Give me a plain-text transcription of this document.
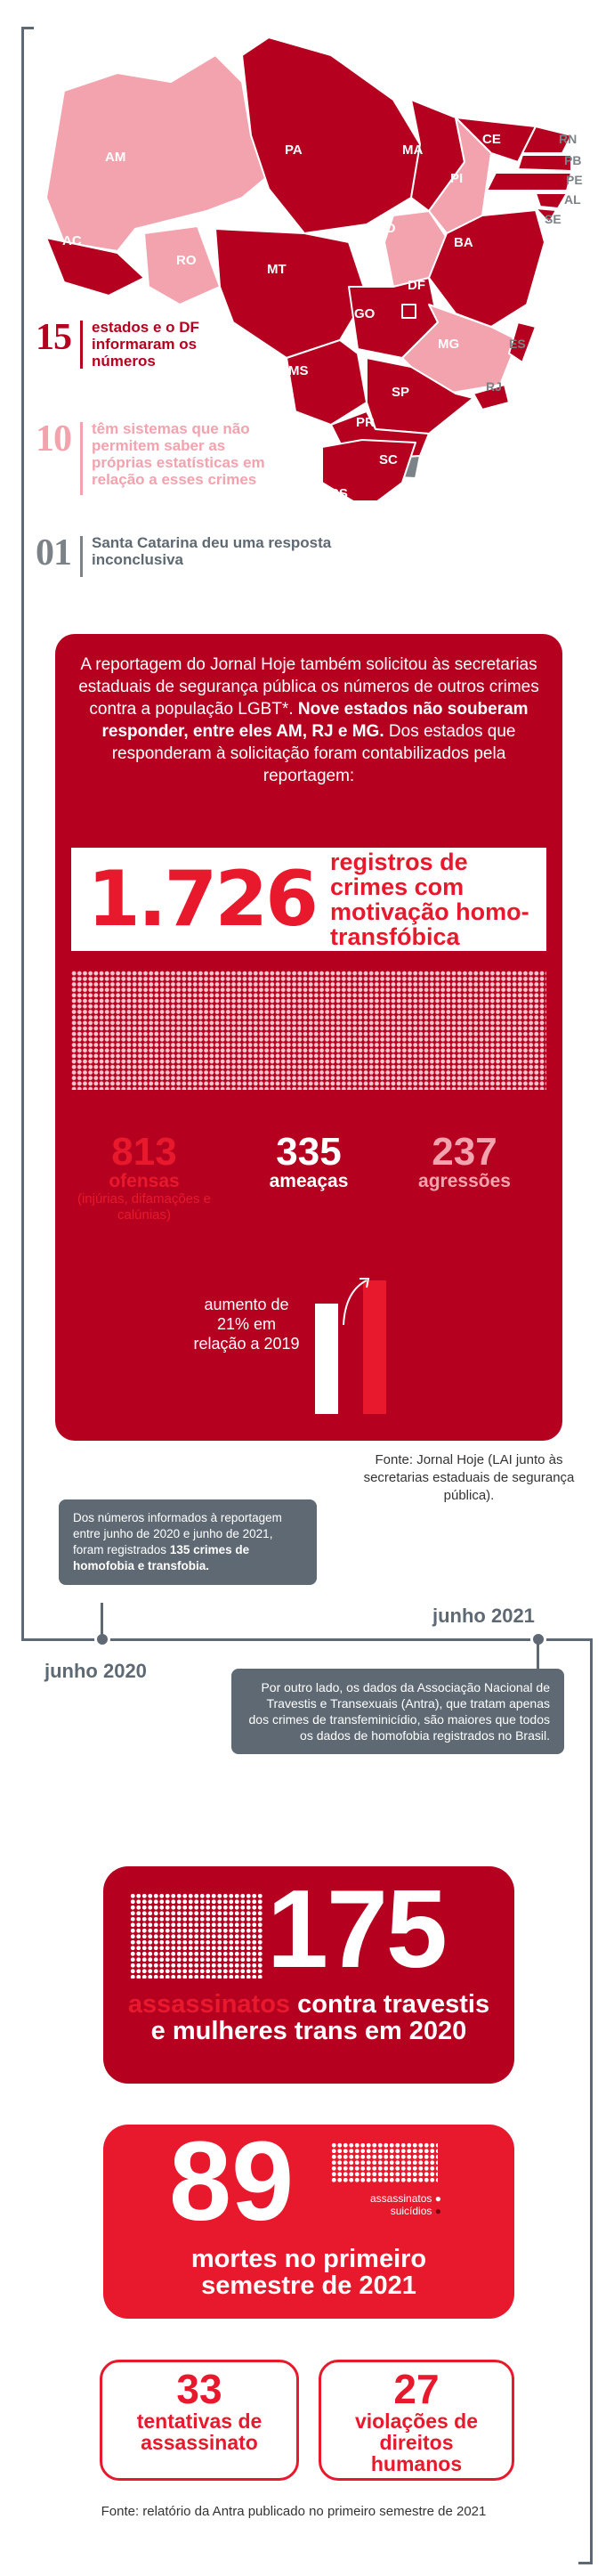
AM	PA	MA
CE	RN
PB
PE
AL
SE
PI
AC
RO
TO
BA
MT
GO
DF
MG	ES
MS
SP	RJ
PR
SC
RS
15 estados e o DF informaram os números
10 têm sistemas que não permitem saber as próprias estatísticas em relação a esses crimes
01 Santa Catarina deu uma resposta inconclusiva

A reportagem do Jornal Hoje também solicitou às secretarias estaduais de segurança pública os números de outros crimes contra a população LGBT*. Nove estados não souberam responder, entre eles AM, RJ e MG. Dos estados que responderam à solicitação foram contabilizados pela reportagem:

1.726 registros de crimes com motivação homo-transfóbica
813
ofensas
(injúrias, difamações e calúnias)
335
ameaças
237
agressões
aumento de 21% em relação a 2019
Fonte: Jornal Hoje (LAI junto às secretarias estaduais de segurança pública).
Dos números informados à reportagem entre junho de 2020 e junho de 2021, foram registrados 135 crimes de homofobia e transfobia.
junho 2020
junho 2021
Por outro lado, os dados da Associação Nacional de Travestis e Transexuais (Antra), que tratam apenas dos crimes de transfeminicídio, são maiores que todos os dados de homofobia registrados no Brasil.
175
assassinatos contra travestis e mulheres trans em 2020
89	assassinatos ●
suicídios ●
mortes no primeiro semestre de 2021
33
tentativas de assassinato
27
violações de direitos humanos
Fonte: relatório da Antra publicado no primeiro semestre de 2021
